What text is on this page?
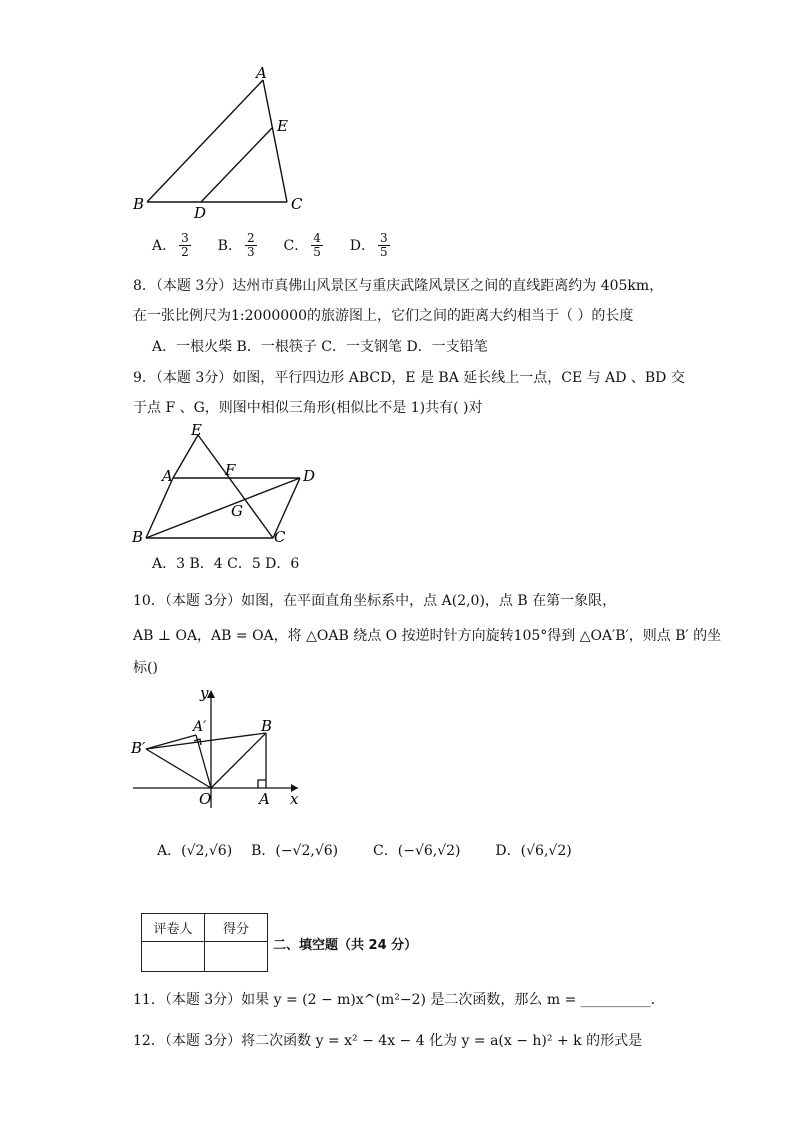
A
B	C
D
E
A． $\frac{3}{2}$ B． $\frac{2}{3}$ C． $\frac{4}{5}$ D． $\frac{3}{5}$
8．（本题 3分）达州市真佛山风景区与重庆武隆风景区之间的直线距离约为 405km，
在一张比例尺为1:2000000的旅游图上，它们之间的距离大约相当于（ ）的长度
A．一根火柴 B．一根筷子 C．一支钢笔 D．一支铅笔
9．（本题 3分）如图，平行四边形 ABCD，E 是 BA 延长线上一点，CE 与 AD 、BD 交
于点 F 、G，则图中相似三角形(相似比不是 1)共有( )对
E
A	F	D
G
B	C
A．3 B．4 C．5 D．6
10．（本题 3分）如图，在平面直角坐标系中，点 A(2,0)，点 B 在第一象限，
AB ⊥ OA，AB = OA，将 △OAB 绕点 O 按逆时针方向旋转105°得到 △OA′B′，则点 B′ 的坐
标()
y
x
O	A
B
A′
B′
A．(√2,√6) B．(−√2,√6) C．(−√6,√2) D．(√6,√2)
评卷人	得分

二、填空题（共 24 分）
11．（本题 3分）如果 y = (2 − m)x^(m²−2) 是二次函数，那么 m = __________．
12．（本题 3分）将二次函数 y = x² − 4x − 4 化为 y = a(x − h)² + k 的形式是
